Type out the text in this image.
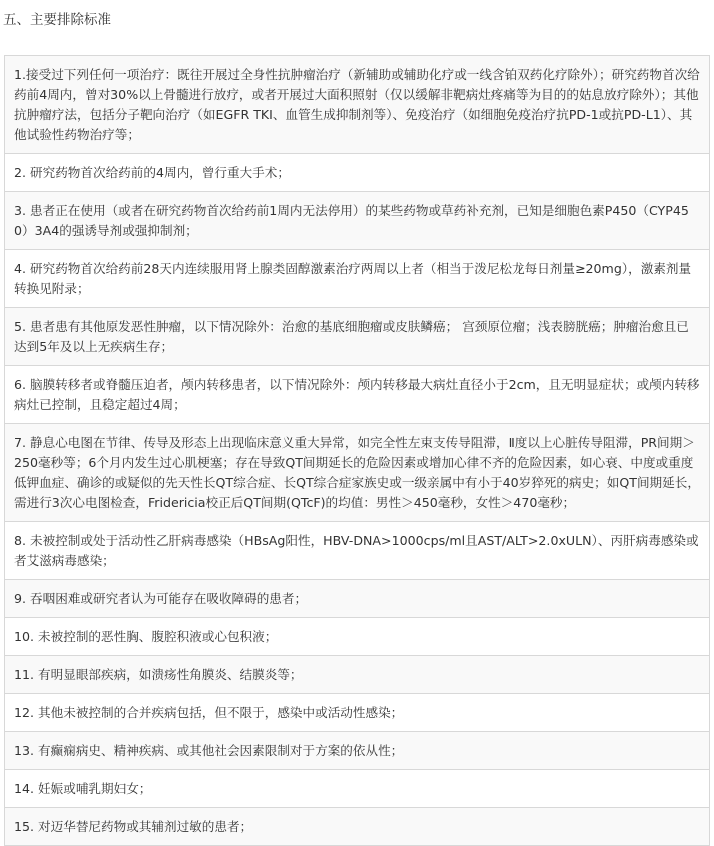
五、主要排除标准
1.接受过下列任何一项治疗：既往开展过全身性抗肿瘤治疗（新辅助或辅助化疗或一线含铂双药化疗除外）；研究药物首次给药前4周内，曾对30%以上骨髓进行放疗，或者开展过大面积照射（仅以缓解非靶病灶疼痛等为目的的姑息放疗除外）；其他抗肿瘤疗法，包括分子靶向治疗（如EGFR TKI、血管生成抑制剂等）、免疫治疗（如细胞免疫治疗抗PD-1或抗PD-L1）、其他试验性药物治疗等；
2. 研究药物首次给药前的4周内，曾行重大手术；
3. 患者正在使用（或者在研究药物首次给药前1周内无法停用）的某些药物或草药补充剂，已知是细胞色素P450（CYP450）3A4的强诱导剂或强抑制剂；
4. 研究药物首次给药前28天内连续服用肾上腺类固醇激素治疗两周以上者（相当于泼尼松龙每日剂量≥20mg），激素剂量转换见附录；
5. 患者患有其他原发恶性肿瘤，以下情况除外：治愈的基底细胞瘤或皮肤鳞癌； 宫颈原位瘤；浅表膀胱癌；肿瘤治愈且已达到5年及以上无疾病生存；
6. 脑膜转移者或脊髓压迫者，颅内转移患者，以下情况除外：颅内转移最大病灶直径小于2cm，且无明显症状；或颅内转移病灶已控制，且稳定超过4周；
7. 静息心电图在节律、传导及形态上出现临床意义重大异常，如完全性左束支传导阻滞，Ⅱ度以上心脏传导阻滞，PR间期＞250毫秒等；6个月内发生过心肌梗塞；存在导致QT间期延长的危险因素或增加心律不齐的危险因素，如心衰、中度或重度低钾血症、确诊的或疑似的先天性长QT综合症、长QT综合症家族史或一级亲属中有小于40岁猝死的病史；如QT间期延长，需进行3次心电图检查，Fridericia校正后QT间期(QTcF)的均值：男性＞450毫秒，女性＞470毫秒；
8. 未被控制或处于活动性乙肝病毒感染（HBsAg阳性，HBV-DNA>1000cps/ml且AST/ALT>2.0xULN）、丙肝病毒感染或者艾滋病毒感染；
9. 吞咽困难或研究者认为可能存在吸收障碍的患者；
10. 未被控制的恶性胸、腹腔积液或心包积液；
11. 有明显眼部疾病，如溃疡性角膜炎、结膜炎等；
12. 其他未被控制的合并疾病包括，但不限于，感染中或活动性感染；
13. 有癫痫病史、精神疾病、或其他社会因素限制对于方案的依从性；
14. 妊娠或哺乳期妇女；
15. 对迈华替尼药物或其辅剂过敏的患者；
